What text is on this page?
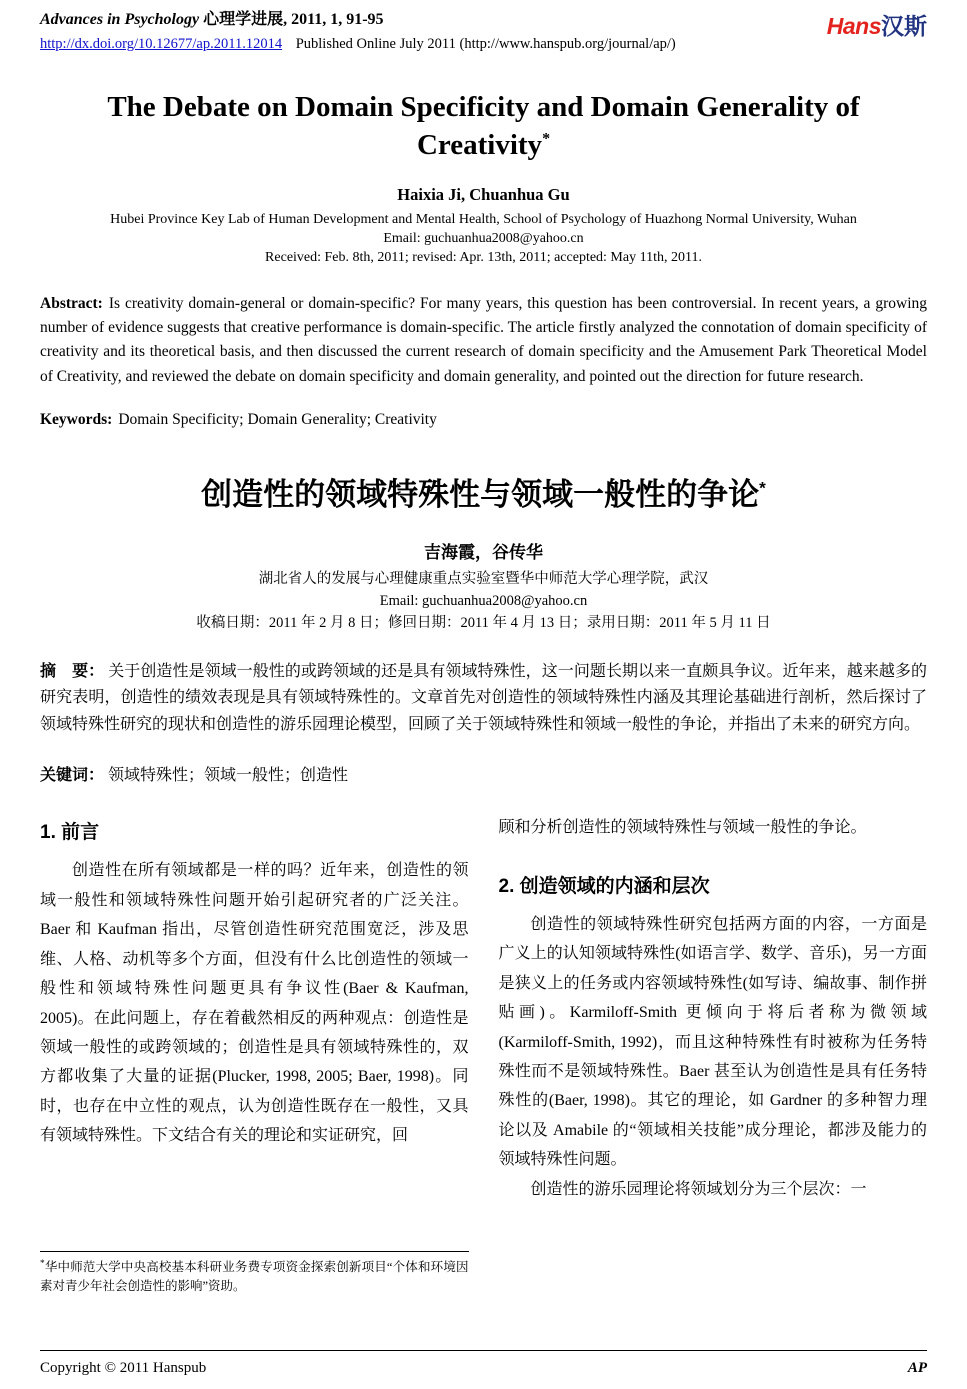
Advances in Psychology 心理学进展, 2011, 1, 91-95
http://dx.doi.org/10.12677/ap.2011.12014 Published Online July 2011 (http://www.hanspub.org/journal/ap/)
Hans汉斯
The Debate on Domain Specificity and Domain Generality of Creativity*
Haixia Ji, Chuanhua Gu
Hubei Province Key Lab of Human Development and Mental Health, School of Psychology of Huazhong Normal University, Wuhan
Email: guchuanhua2008@yahoo.cn
Received: Feb. 8th, 2011; revised: Apr. 13th, 2011; accepted: May 11th, 2011.
Abstract: Is creativity domain-general or domain-specific? For many years, this question has been controversial. In recent years, a growing number of evidence suggests that creative performance is domain-specific. The article firstly analyzed the connotation of domain specificity of creativity and its theoretical basis, and then discussed the current research of domain specificity and the Amusement Park Theoretical Model of Creativity, and reviewed the debate on domain specificity and domain generality, and pointed out the direction for future research.
Keywords: Domain Specificity; Domain Generality; Creativity
创造性的领域特殊性与领域一般性的争论*
吉海霞，谷传华
湖北省人的发展与心理健康重点实验室暨华中师范大学心理学院，武汉
Email: guchuanhua2008@yahoo.cn
收稿日期：2011 年 2 月 8 日；修回日期：2011 年 4 月 13 日；录用日期：2011 年 5 月 11 日
摘　要： 关于创造性是领域一般性的或跨领域的还是具有领域特殊性，这一问题长期以来一直颇具争议。近年来，越来越多的研究表明，创造性的绩效表现是具有领域特殊性的。文章首先对创造性的领域特殊性内涵及其理论基础进行剖析，然后探讨了领域特殊性研究的现状和创造性的游乐园理论模型，回顾了关于领域特殊性和领域一般性的争论，并指出了未来的研究方向。
关键词： 领域特殊性；领域一般性；创造性
1. 前言

创造性在所有领域都是一样的吗？近年来，创造性的领域一般性和领域特殊性问题开始引起研究者的广泛关注。Baer 和 Kaufman 指出，尽管创造性研究范围宽泛，涉及思维、人格、动机等多个方面，但没有什么比创造性的领域一般性和领域特殊性问题更具有争议性(Baer & Kaufman, 2005)。在此问题上，存在着截然相反的两种观点：创造性是领域一般性的或跨领域的；创造性是具有领域特殊性的，双方都收集了大量的证据(Plucker, 1998, 2005; Baer, 1998)。同时，也存在中立性的观点，认为创造性既存在一般性，又具有领域特殊性。下文结合有关的理论和实证研究，回

*华中师范大学中央高校基本科研业务费专项资金探索创新项目“个体和环境因素对青少年社会创造性的影响”资助。

顾和分析创造性的领域特殊性与领域一般性的争论。

2. 创造领域的内涵和层次

创造性的领域特殊性研究包括两方面的内容，一方面是广义上的认知领域特殊性(如语言学、数学、音乐)，另一方面是狭义上的任务或内容领域特殊性(如写诗、编故事、制作拼贴画)。Karmiloff-Smith 更倾向于将后者称为微领域(Karmiloff-Smith, 1992)，而且这种特殊性有时被称为任务特殊性而不是领域特殊性。Baer 甚至认为创造性是具有任务特殊性的(Baer, 1998)。其它的理论，如 Gardner 的多种智力理论以及 Amabile 的“领域相关技能”成分理论，都涉及能力的领域特殊性问题。

创造性的游乐园理论将领域划分为三个层次：一

Copyright © 2011 Hanspub	AP
